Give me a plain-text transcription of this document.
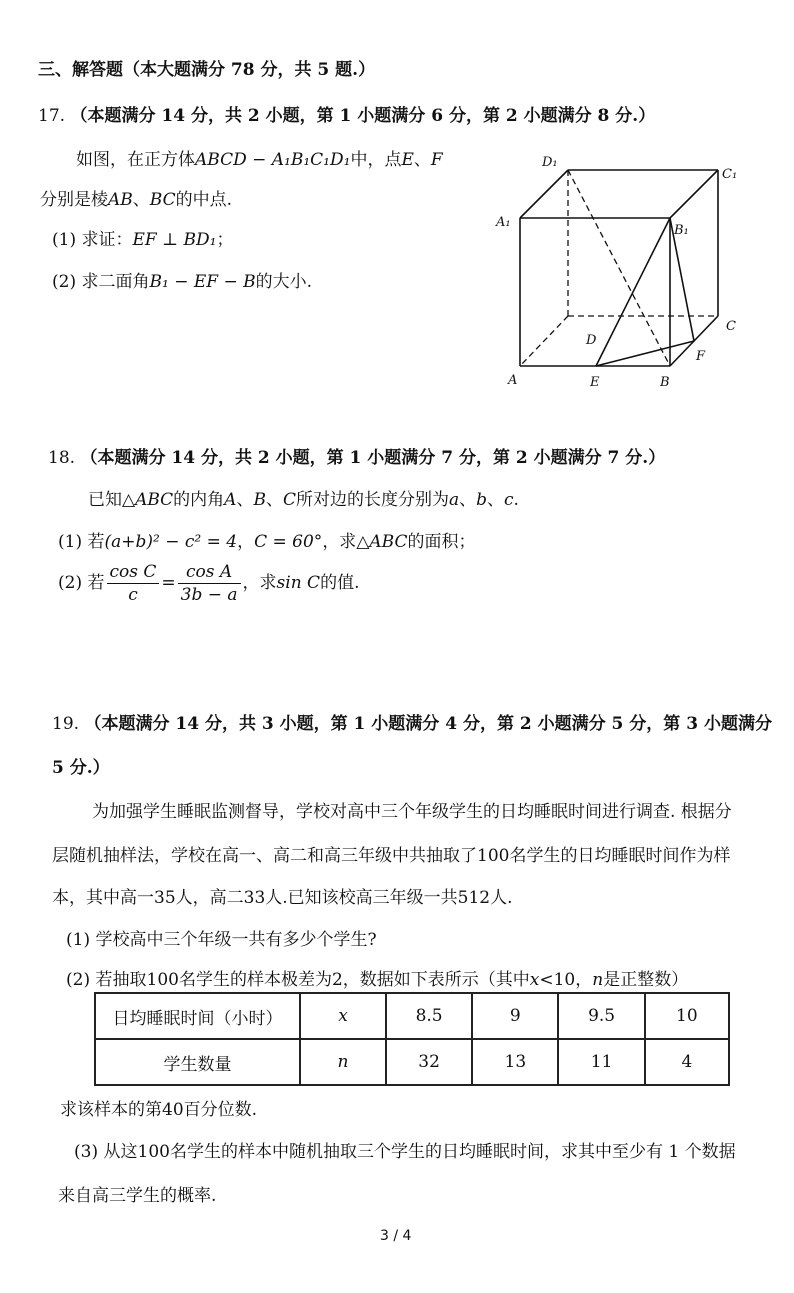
三、解答题（本大题满分 78 分，共 5 题.）
17. （本题满分 14 分，共 2 小题，第 1 小题满分 6 分，第 2 小题满分 8 分.）
如图，在正方体ABCD − A₁B₁C₁D₁中，点E、F
分别是棱AB、BC的中点.
(1) 求证：EF ⊥ BD₁；
(2) 求二面角B₁ − EF − B的大小.
D₁
C₁
A₁
B₁
D
C
F
A	E	B
18. （本题满分 14 分，共 2 小题，第 1 小题满分 7 分，第 2 小题满分 7 分.）
已知△ABC的内角A、B、C所对边的长度分别为a、b、c.
(1) 若(a+b)² − c² = 4，C = 60°，求△ABC的面积；
(2) 若 $\frac{\text{cos C}}{c} = \frac{\text{cos A}}{3b - a}$ ，求sin C的值.
19. （本题满分 14 分，共 3 小题，第 1 小题满分 4 分，第 2 小题满分 5 分，第 3 小题满分
5 分.）
为加强学生睡眠监测督导，学校对高中三个年级学生的日均睡眠时间进行调查. 根据分
层随机抽样法，学校在高一、高二和高三年级中共抽取了100名学生的日均睡眠时间作为样
本，其中高一35人，高二33人.已知该校高三年级一共512人.
(1) 学校高中三个年级一共有多少个学生?
(2) 若抽取100名学生的样本极差为2，数据如下表所示（其中x<10，n是正整数）
日均睡眠时间（小时）	x	8.5	9	9.5	10
学生数量	n	32	13	11	4
求该样本的第40百分位数.
(3) 从这100名学生的样本中随机抽取三个学生的日均睡眠时间，求其中至少有 1 个数据
来自高三学生的概率.
3 / 4
